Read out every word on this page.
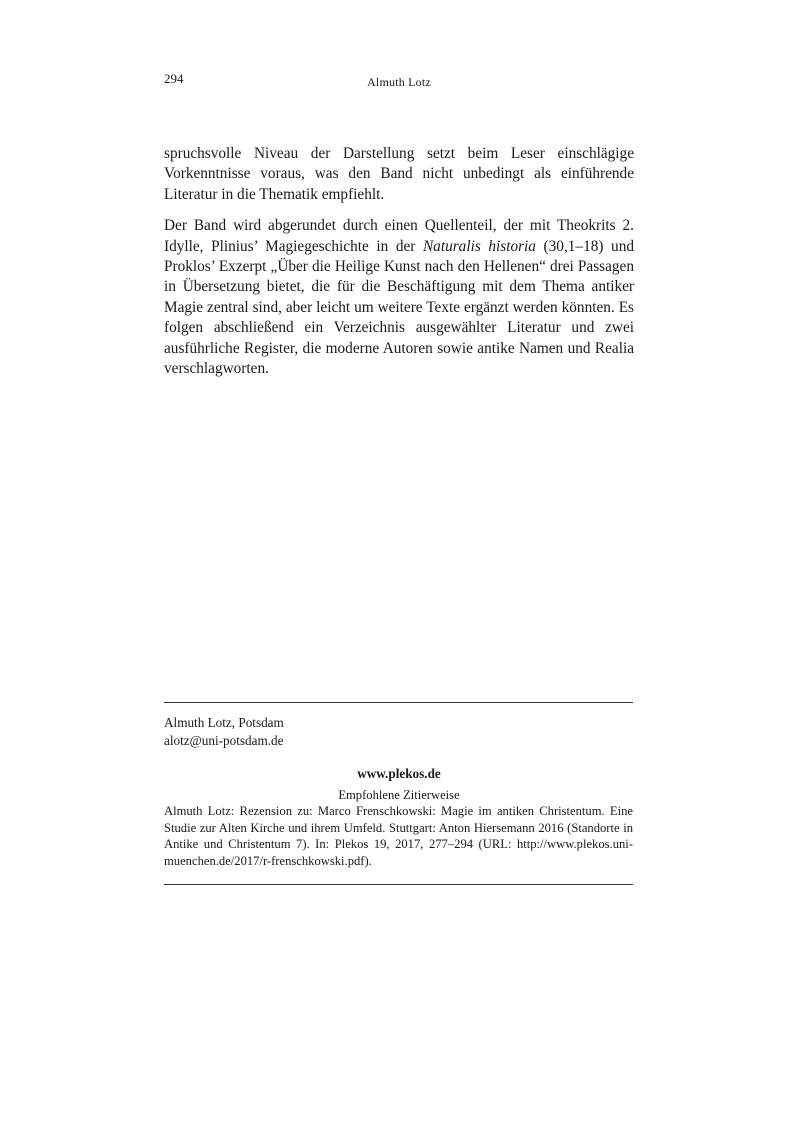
294	Almuth Lotz

spruchsvolle Niveau der Darstellung setzt beim Leser einschlägige Vorkenntnisse voraus, was den Band nicht unbedingt als einführende Literatur in die Thematik empfiehlt.

Der Band wird abgerundet durch einen Quellenteil, der mit Theokrits 2. Idylle, Plinius’ Magiegeschichte in der Naturalis historia (30,1–18) und Proklos’ Exzerpt „Über die Heilige Kunst nach den Hellenen“ drei Passagen in Übersetzung bietet, die für die Beschäftigung mit dem Thema antiker Magie zentral sind, aber leicht um weitere Texte ergänzt werden könnten. Es folgen abschließend ein Verzeichnis ausgewählter Literatur und zwei ausführliche Register, die moderne Autoren sowie antike Namen und Realia verschlagworten.

Almuth Lotz, Potsdam
alotz@uni-potsdam.de
www.plekos.de
Empfohlene Zitierweise

Almuth Lotz: Rezension zu: Marco Frenschkowski: Magie im antiken Christentum. Eine Studie zur Alten Kirche und ihrem Umfeld. Stuttgart: Anton Hiersemann 2016 (Standorte in Antike und Christentum 7). In: Plekos 19, 2017, 277–294 (URL: http://www.plekos.uni-muenchen.de/2017/r-frenschkowski.pdf).
